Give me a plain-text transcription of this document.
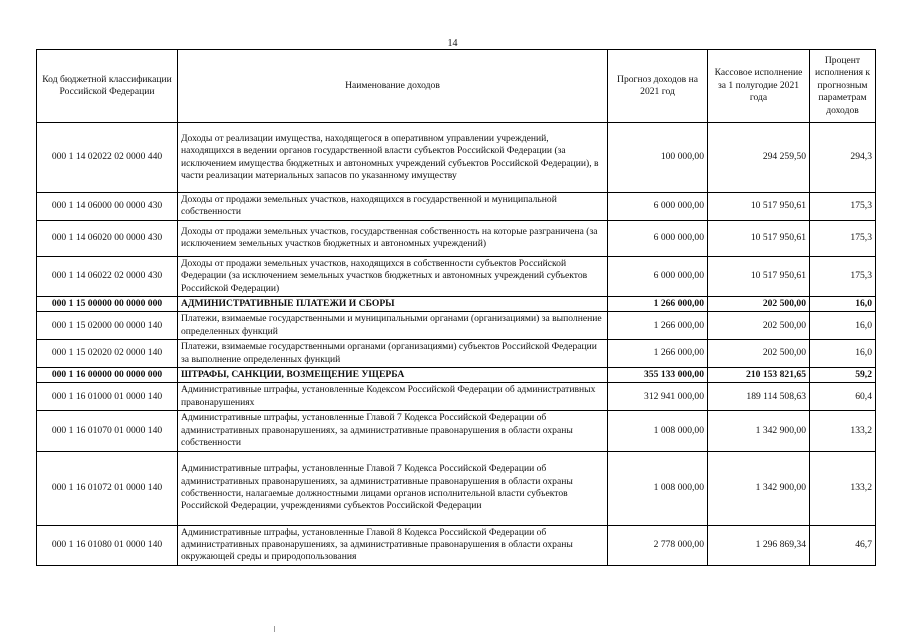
14
Код бюджетной классификации Российской Федерации	Наименование доходов	Прогноз доходов на 2021 год	Кассовое исполнение за 1 полугодие 2021 года	Процент исполнения к прогнозным параметрам доходов
000 1 14 02022 02 0000 440	Доходы от реализации имущества, находящегося в оперативном управлении учреждений, находящихся в ведении органов государственной власти субъектов Российской Федерации (за исключением имущества бюджетных и автономных учреждений субъектов Российской Федерации), в части реализации материальных запасов по указанному имуществу	100 000,00	294 259,50	294,3
000 1 14 06000 00 0000 430	Доходы от продажи земельных участков, находящихся в государственной и муниципальной собственности	6 000 000,00	10 517 950,61	175,3
000 1 14 06020 00 0000 430	Доходы от продажи земельных участков, государственная собственность на которые разграничена (за исключением земельных участков бюджетных и автономных учреждений)	6 000 000,00	10 517 950,61	175,3
000 1 14 06022 02 0000 430	Доходы от продажи земельных участков, находящихся в собственности субъектов Российской Федерации (за исключением земельных участков бюджетных и автономных учреждений субъектов Российской Федерации)	6 000 000,00	10 517 950,61	175,3
000 1 15 00000 00 0000 000	АДМИНИСТРАТИВНЫЕ ПЛАТЕЖИ И СБОРЫ	1 266 000,00	202 500,00	16,0
000 1 15 02000 00 0000 140	Платежи, взимаемые государственными и муниципальными органами (организациями) за выполнение определенных функций	1 266 000,00	202 500,00	16,0
000 1 15 02020 02 0000 140	Платежи, взимаемые государственными органами (организациями) субъектов Российской Федерации за выполнение определенных функций	1 266 000,00	202 500,00	16,0
000 1 16 00000 00 0000 000	ШТРАФЫ, САНКЦИИ, ВОЗМЕЩЕНИЕ УЩЕРБА	355 133 000,00	210 153 821,65	59,2
000 1 16 01000 01 0000 140	Административные штрафы, установленные Кодексом Российской Федерации об административных правонарушениях	312 941 000,00	189 114 508,63	60,4
000 1 16 01070 01 0000 140	Административные штрафы, установленные Главой 7 Кодекса Российской Федерации об административных правонарушениях, за административные правонарушения в области охраны собственности	1 008 000,00	1 342 900,00	133,2
000 1 16 01072 01 0000 140	Административные штрафы, установленные Главой 7 Кодекса Российской Федерации об административных правонарушениях, за административные правонарушения в области охраны собственности, налагаемые должностными лицами органов исполнительной власти субъектов Российской Федерации, учреждениями субъектов Российской Федерации	1 008 000,00	1 342 900,00	133,2
000 1 16 01080 01 0000 140	Административные штрафы, установленные Главой 8 Кодекса Российской Федерации об административных правонарушениях, за административные правонарушения в области охраны окружающей среды и природопользования	2 778 000,00	1 296 869,34	46,7
